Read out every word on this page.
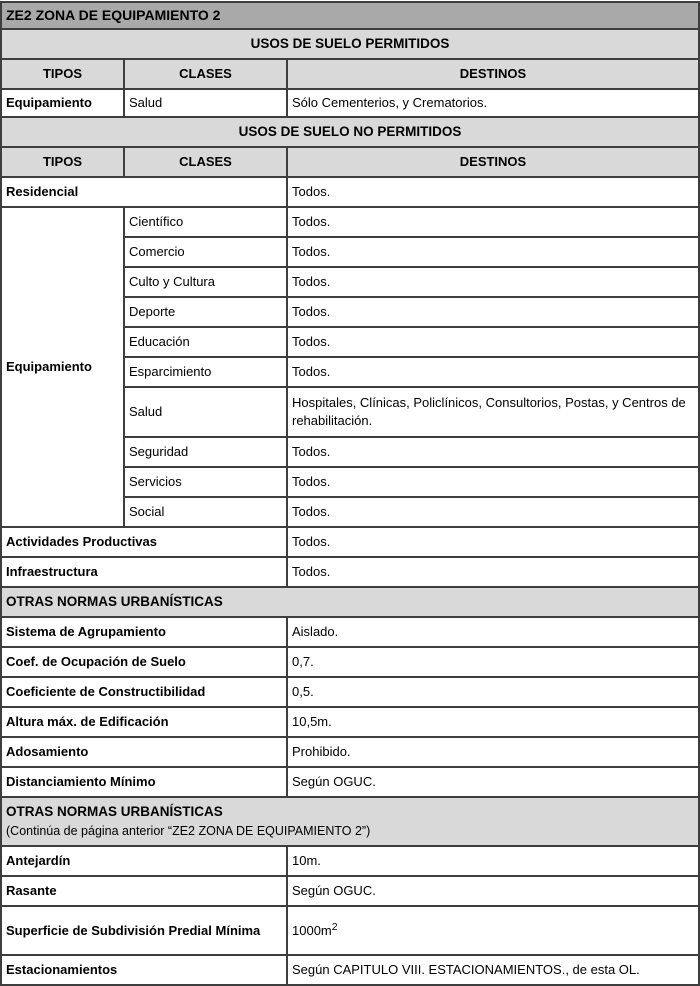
ZE2 ZONA DE EQUIPAMIENTO 2		
USOS DE SUELO PERMITIDOS		
TIPOS	CLASES	DESTINOS
Equipamiento	Salud	Sólo Cementerios, y Crematorios.
USOS DE SUELO NO PERMITIDOS		
TIPOS	CLASES	DESTINOS
Residencial		Todos.
Equipamiento	Científico	Todos.
	Comercio	Todos.
	Culto y Cultura	Todos.
	Deporte	Todos.
	Educación	Todos.
	Esparcimiento	Todos.
	Salud	Hospitales, Clínicas, Policlínicos, Consultorios, Postas, y Centros de rehabilitación.
	Seguridad	Todos.
	Servicios	Todos.
	Social	Todos.
Actividades Productivas		Todos.
Infraestructura		Todos.
OTRAS NORMAS URBANÍSTICAS		
Sistema de Agrupamiento		Aislado.
Coef. de Ocupación de Suelo		0,7.
Coeficiente de Constructibilidad		0,5.
Altura máx. de Edificación		10,5m.
Adosamiento		Prohibido.
Distanciamiento Mínimo		Según OGUC.

OTRAS NORMAS URBANÍSTICAS
(Continúa de página anterior “ZE2 ZONA DE EQUIPAMIENTO 2”)		

Antejardín		10m.
Rasante		Según OGUC.

Superficie de Subdivisión Predial Mínima		$1000m^2$
Estacionamientos		Según CAPITULO VIII. ESTACIONAMIENTOS., de esta OL.
